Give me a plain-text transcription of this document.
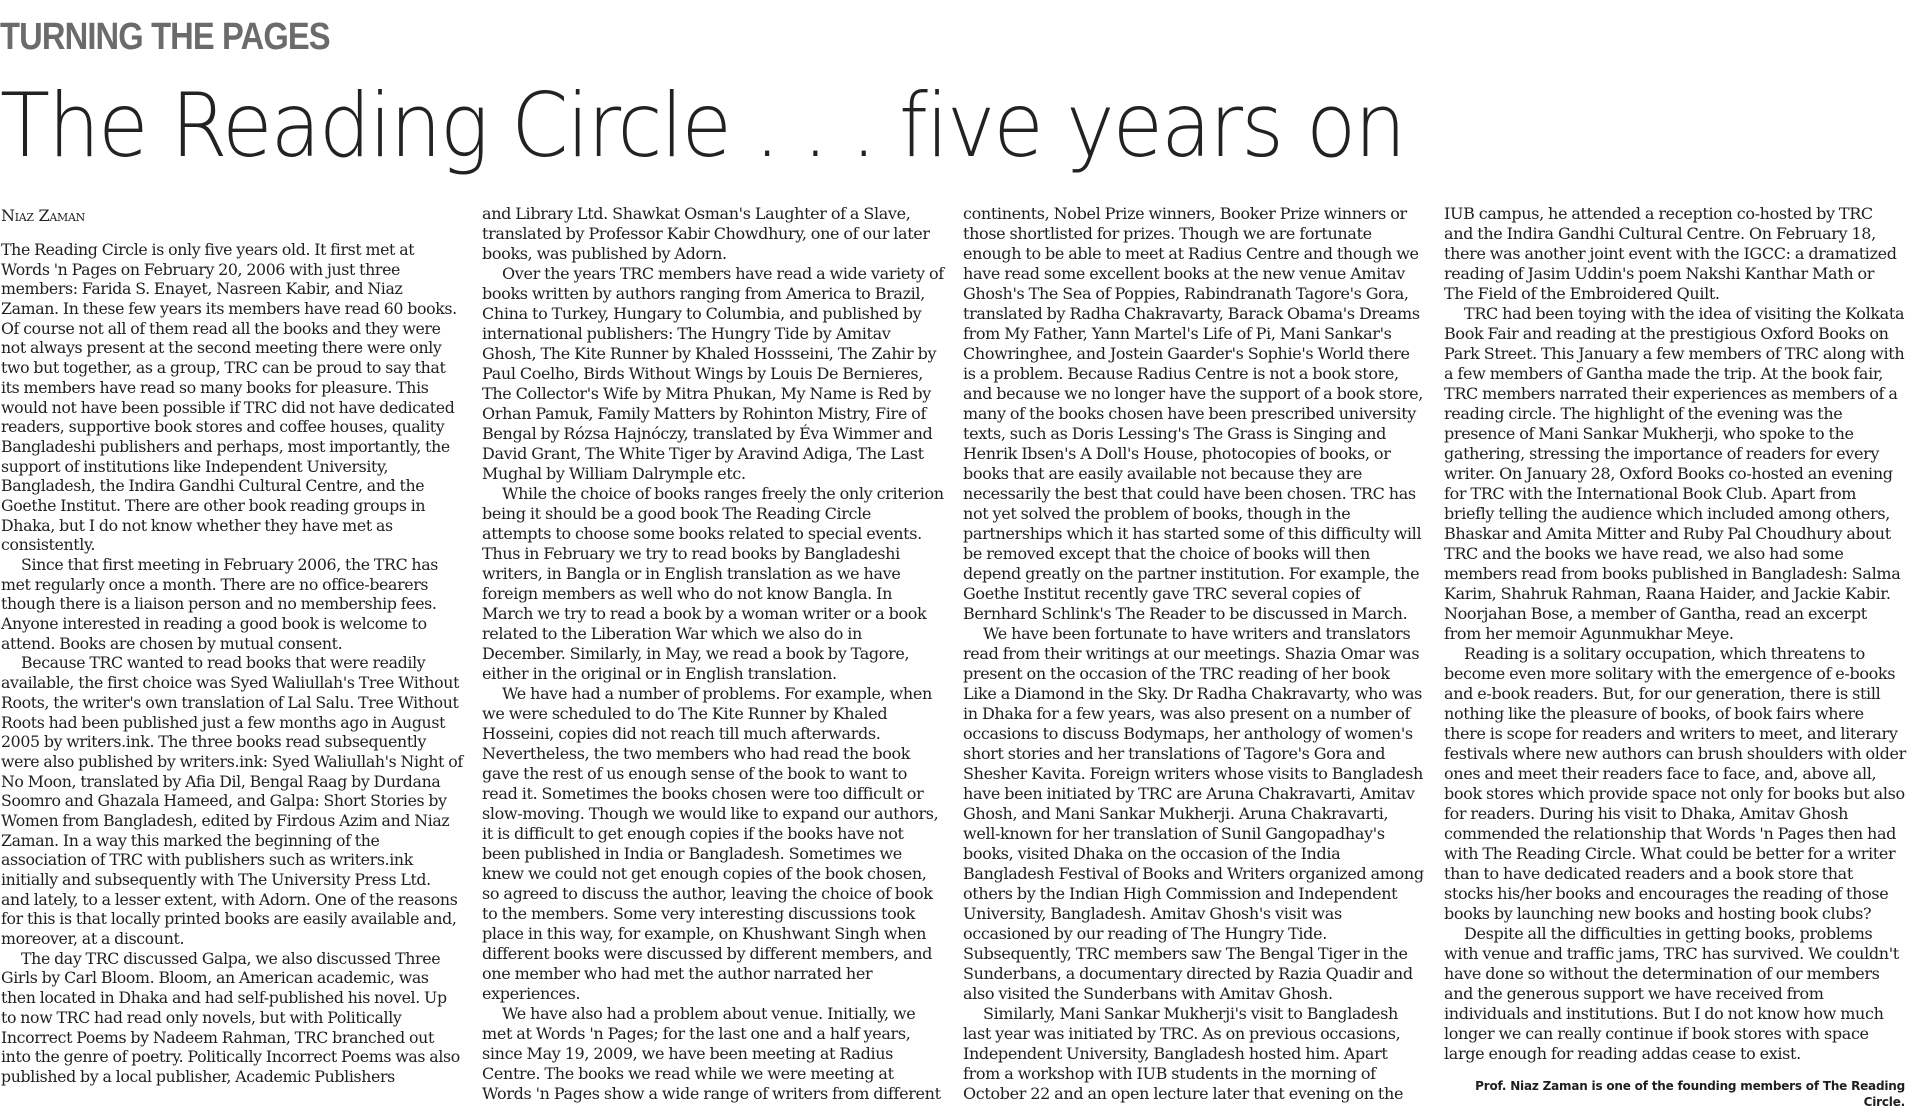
TURNING THE PAGES
The Reading Circle . . . five years on
Niaz Zaman

The Reading Circle is only five years old. It first met at Words 'n Pages on February 20, 2006 with just three members: Farida S. Enayet, Nasreen Kabir, and Niaz Zaman. In these few years its members have read 60 books. Of course not all of them read all the books and they were not always present at the second meeting there were only two but together, as a group, TRC can be proud to say that its members have read so many books for pleasure. This would not have been possible if TRC did not have dedicated readers, supportive book stores and coffee houses, quality Bangladeshi publishers and perhaps, most importantly, the support of institutions like Independent University, Bangladesh, the Indira Gandhi Cultural Centre, and the Goethe Institut. There are other book reading groups in Dhaka, but I do not know whether they have met as consistently.

Since that first meeting in February 2006, the TRC has met regularly once a month. There are no office-bearers though there is a liaison person and no membership fees. Anyone interested in reading a good book is welcome to attend. Books are chosen by mutual consent.

Because TRC wanted to read books that were readily available, the first choice was Syed Waliullah's Tree Without Roots, the writer's own translation of Lal Salu. Tree Without Roots had been published just a few months ago in August 2005 by writers.ink. The three books read subsequently were also published by writers.ink: Syed Waliullah's Night of No Moon, translated by Afia Dil, Bengal Raag by Durdana Soomro and Ghazala Hameed, and Galpa: Short Stories by Women from Bangladesh, edited by Firdous Azim and Niaz Zaman. In a way this marked the beginning of the association of TRC with publishers such as writers.ink initially and subsequently with The University Press Ltd. and lately, to a lesser extent, with Adorn. One of the reasons for this is that locally printed books are easily available and, moreover, at a discount.

The day TRC discussed Galpa, we also discussed Three Girls by Carl Bloom. Bloom, an American academic, was then located in Dhaka and had self-published his novel. Up to now TRC had read only novels, but with Politically Incorrect Poems by Nadeem Rahman, TRC branched out into the genre of poetry. Politically Incorrect Poems was also published by a local publisher, Academic Publishers

and Library Ltd. Shawkat Osman's Laughter of a Slave, translated by Professor Kabir Chowdhury, one of our later books, was published by Adorn.

Over the years TRC members have read a wide variety of books written by authors ranging from America to Brazil, China to Turkey, Hungary to Columbia, and published by international publishers: The Hungry Tide by Amitav Ghosh, The Kite Runner by Khaled Hossseini, The Zahir by Paul Coelho, Birds Without Wings by Louis De Bernieres, The Collector's Wife by Mitra Phukan, My Name is Red by Orhan Pamuk, Family Matters by Rohinton Mistry, Fire of Bengal by Rózsa Hajnóczy, translated by Éva Wimmer and David Grant, The White Tiger by Aravind Adiga, The Last Mughal by William Dalrymple etc.

While the choice of books ranges freely the only criterion being it should be a good book The Reading Circle attempts to choose some books related to special events. Thus in February we try to read books by Bangladeshi writers, in Bangla or in English translation as we have foreign members as well who do not know Bangla. In March we try to read a book by a woman writer or a book related to the Liberation War which we also do in December. Similarly, in May, we read a book by Tagore, either in the original or in English translation.

We have had a number of problems. For example, when we were scheduled to do The Kite Runner by Khaled Hosseini, copies did not reach till much afterwards. Nevertheless, the two members who had read the book gave the rest of us enough sense of the book to want to read it. Sometimes the books chosen were too difficult or slow-moving. Though we would like to expand our authors, it is difficult to get enough copies if the books have not been published in India or Bangladesh. Sometimes we knew we could not get enough copies of the book chosen, so agreed to discuss the author, leaving the choice of book to the members. Some very interesting discussions took place in this way, for example, on Khushwant Singh when different books were discussed by different members, and one member who had met the author narrated her experiences.

We have also had a problem about venue. Initially, we met at Words 'n Pages; for the last one and a half years, since May 19, 2009, we have been meeting at Radius Centre. The books we read while we were meeting at Words 'n Pages show a wide range of writers from different

continents, Nobel Prize winners, Booker Prize winners or those shortlisted for prizes. Though we are fortunate enough to be able to meet at Radius Centre and though we have read some excellent books at the new venue Amitav Ghosh's The Sea of Poppies, Rabindranath Tagore's Gora, translated by Radha Chakravarty, Barack Obama's Dreams from My Father, Yann Martel's Life of Pi, Mani Sankar's Chowringhee, and Jostein Gaarder's Sophie's World there is a problem. Because Radius Centre is not a book store, and because we no longer have the support of a book store, many of the books chosen have been prescribed university texts, such as Doris Lessing's The Grass is Singing and Henrik Ibsen's A Doll's House, photocopies of books, or books that are easily available not because they are necessarily the best that could have been chosen. TRC has not yet solved the problem of books, though in the partnerships which it has started some of this difficulty will be removed except that the choice of books will then depend greatly on the partner institution. For example, the Goethe Institut recently gave TRC several copies of Bernhard Schlink's The Reader to be discussed in March.

We have been fortunate to have writers and translators read from their writings at our meetings. Shazia Omar was present on the occasion of the TRC reading of her book Like a Diamond in the Sky. Dr Radha Chakravarty, who was in Dhaka for a few years, was also present on a number of occasions to discuss Bodymaps, her anthology of women's short stories and her translations of Tagore's Gora and Shesher Kavita. Foreign writers whose visits to Bangladesh have been initiated by TRC are Aruna Chakravarti, Amitav Ghosh, and Mani Sankar Mukherji. Aruna Chakravarti, well-known for her translation of Sunil Gangopadhay's books, visited Dhaka on the occasion of the India Bangladesh Festival of Books and Writers organized among others by the Indian High Commission and Independent University, Bangladesh. Amitav Ghosh's visit was occasioned by our reading of The Hungry Tide. Subsequently, TRC members saw The Bengal Tiger in the Sunderbans, a documentary directed by Razia Quadir and also visited the Sunderbans with Amitav Ghosh.

Similarly, Mani Sankar Mukherji's visit to Bangladesh last year was initiated by TRC. As on previous occasions, Independent University, Bangladesh hosted him. Apart from a workshop with IUB students in the morning of October 22 and an open lecture later that evening on the

IUB campus, he attended a reception co-hosted by TRC and the Indira Gandhi Cultural Centre. On February 18, there was another joint event with the IGCC: a dramatized reading of Jasim Uddin's poem Nakshi Kanthar Math or The Field of the Embroidered Quilt.

TRC had been toying with the idea of visiting the Kolkata Book Fair and reading at the prestigious Oxford Books on Park Street. This January a few members of TRC along with a few members of Gantha made the trip. At the book fair, TRC members narrated their experiences as members of a reading circle. The highlight of the evening was the presence of Mani Sankar Mukherji, who spoke to the gathering, stressing the importance of readers for every writer. On January 28, Oxford Books co-hosted an evening for TRC with the International Book Club. Apart from briefly telling the audience which included among others, Bhaskar and Amita Mitter and Ruby Pal Choudhury about TRC and the books we have read, we also had some members read from books published in Bangladesh: Salma Karim, Shahruk Rahman, Raana Haider, and Jackie Kabir. Noorjahan Bose, a member of Gantha, read an excerpt from her memoir Agunmukhar Meye.

Reading is a solitary occupation, which threatens to become even more solitary with the emergence of e-books and e-book readers. But, for our generation, there is still nothing like the pleasure of books, of book fairs where there is scope for readers and writers to meet, and literary festivals where new authors can brush shoulders with older ones and meet their readers face to face, and, above all, book stores which provide space not only for books but also for readers. During his visit to Dhaka, Amitav Ghosh commended the relationship that Words 'n Pages then had with The Reading Circle. What could be better for a writer than to have dedicated readers and a book store that stocks his/her books and encourages the reading of those books by launching new books and hosting book clubs?

Despite all the difficulties in getting books, problems with venue and traffic jams, TRC has survived. We couldn't have done so without the determination of our members and the generous support we have received from individuals and institutions. But I do not know how much longer we can really continue if book stores with space large enough for reading addas cease to exist.

Prof. Niaz Zaman is one of the founding members of The Reading Circle.
